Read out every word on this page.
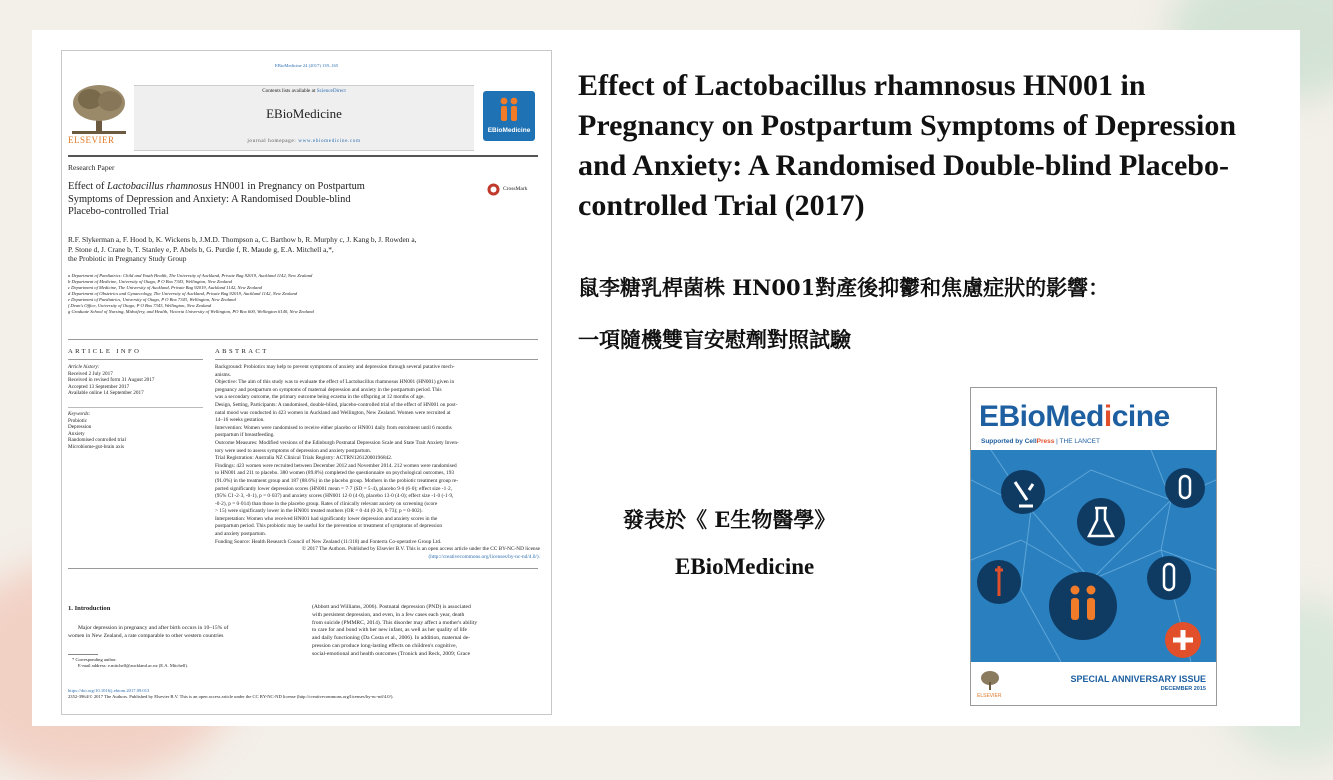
EBioMedicine 24 (2017) 139–165
ELSEVIER
Contents lists available at ScienceDirect
EBioMedicine
journal homepage: www.ebiomedicine.com
EBioMedicine
Research Paper
Effect of Lactobacillus rhamnosus HN001 in Pregnancy on Postpartum
Symptoms of Depression and Anxiety: A Randomised Double-blind
Placebo-controlled Trial
CrossMark
R.F. Slykerman a, F. Hood b, K. Wickens b, J.M.D. Thompson a, C. Barthow b, R. Murphy c, J. Kang b, J. Rowden a,
P. Stone d, J. Crane b, T. Stanley e, P. Abels b, G. Purdie f, R. Maude g, E.A. Mitchell a,*,
the Probiotic in Pregnancy Study Group
a Department of Paediatrics: Child and Youth Health, The University of Auckland, Private Bag 92019, Auckland 1142, New Zealand
b Department of Medicine, University of Otago, P O Box 7343, Wellington, New Zealand
c Department of Medicine, The University of Auckland, Private Bag 92019, Auckland 1142, New Zealand
d Department of Obstetrics and Gynaecology, The University of Auckland, Private Bag 92019, Auckland 1142, New Zealand
e Department of Paediatrics, University of Otago, P O Box 7343, Wellington, New Zealand
f Dean's Office, University of Otago, P O Box 7343, Wellington, New Zealand
g Graduate School of Nursing, Midwifery, and Health, Victoria University of Wellington, PO Box 600, Wellington 6140, New Zealand
ARTICLE INFO	ABSTRACT
Article history:
Received 2 July 2017
Received in revised form 31 August 2017
Accepted 13 September 2017
Available online 14 September 2017
Keywords:
Probiotic
Depression
Anxiety
Randomised controlled trial
Microbiome-gut-brain axis
Background: Probiotics may help to prevent symptoms of anxiety and depression through several putative mech-
anisms.
Objective: The aim of this study was to evaluate the effect of Lactobacillus rhamnosus HN001 (HN001) given in
pregnancy and postpartum on symptoms of maternal depression and anxiety in the postpartum period. This
was a secondary outcome, the primary outcome being eczema in the offspring at 12 months of age.
Design, Setting, Participants: A randomised, double-blind, placebo-controlled trial of the effect of HN001 on post-
natal mood was conducted in 423 women in Auckland and Wellington, New Zealand. Women were recruited at
14–16 weeks gestation.
Intervention: Women were randomised to receive either placebo or HN001 daily from enrolment until 6 months
postpartum if breastfeeding.
Outcome Measures: Modified versions of the Edinburgh Postnatal Depression Scale and State Trait Anxiety Inven-
tory were used to assess symptoms of depression and anxiety postpartum.
Trial Registration: Australia NZ Clinical Trials Registry: ACTRN12612000196842.
Findings: 423 women were recruited between December 2012 and November 2014. 212 women were randomised
to HN001 and 211 to placebo. 380 women (89.8%) completed the questionnaire on psychological outcomes, 193
(91.0%) in the treatment group and 187 (88.6%) in the placebo group. Mothers in the probiotic treatment group re-
ported significantly lower depression scores (HN001 mean = 7·7 (SD = 5·4), placebo 9·0 (6·0); effect size -1·2,
(95% CI -2·3, -0·1), p = 0·037) and anxiety scores (HN001 12·0 (4·0), placebo 13·0 (4·0); effect size -1·0 (-1·9,
-0·2), p = 0·014) than those in the placebo group. Rates of clinically relevant anxiety on screening (score
> 15) were significantly lower in the HN001 treated mothers (OR = 0·44 (0·26, 0·73); p = 0·002).
Interpretation: Women who received HN001 had significantly lower depression and anxiety scores in the
postpartum period. This probiotic may be useful for the prevention or treatment of symptoms of depression
and anxiety postpartum.
Funding Source: Health Research Council of New Zealand (11/318) and Fonterra Co-operative Group Ltd.
© 2017 The Authors. Published by Elsevier B.V. This is an open access article under the CC BY-NC-ND license
(http://creativecommons.org/licenses/by-nc-nd/4.0/).
1. Introduction
Major depression in pregnancy and after birth occurs in 10–15% of
women in New Zealand, a rate comparable to other western countries
(Abbott and Williams, 2006). Postnatal depression (PND) is associated
with persistent depression, and even, in a few cases each year, death
from suicide (PMMRC, 2014). This disorder may affect a mother's ability
to care for and bond with her new infant, as well as her quality of life
and daily functioning (Da Costa et al., 2006). In addition, maternal de-
pression can produce long-lasting effects on children's cognitive,
social-emotional and health outcomes (Tronick and Reck, 2009; Grace
* Corresponding author.
E-mail address: e.mitchell@auckland.ac.nz (E.A. Mitchell).
https://doi.org/10.1016/j.ebiom.2017.09.013
2352-3964/© 2017 The Authors. Published by Elsevier B.V. This is an open access article under the CC BY-NC-ND license (http://creativecommons.org/licenses/by-nc-nd/4.0/).
Effect of Lactobacillus rhamnosus HN001 in Pregnancy on Postpartum Symptoms of Depression and Anxiety: A Randomised Double-blind Placebo-controlled Trial (2017)
鼠李糖乳桿菌株 HN001對產後抑鬱和焦慮症狀的影響：
一項隨機雙盲安慰劑對照試驗
發表於《 E生物醫學》
EBioMedicine
EBioMedicine
Supported by CellPress | THE LANCET
ELSEVIER
SPECIAL ANNIVERSARY ISSUE
DECEMBER 2015
